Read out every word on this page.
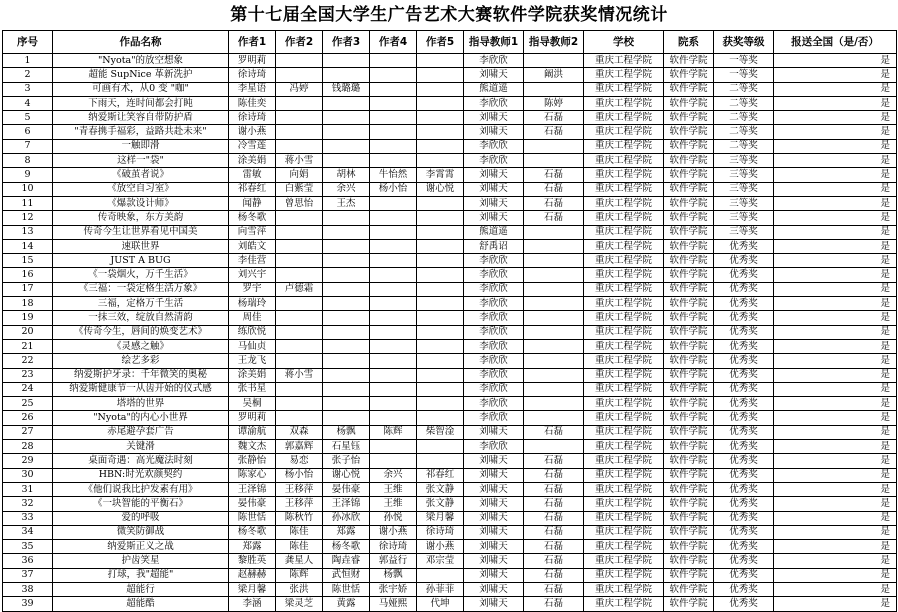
第十七届全国大学生广告艺术大赛软件学院获奖情况统计
序号	作品名称	作者1	作者2	作者3	作者4	作者5	指导教师1	指导教师2	学校	院系	获奖等级	报送全国（是/否）
1	"Nyota"的放空想象	罗明莉					李欣欣		重庆工程学院	软件学院	一等奖	是
2	超能 SupNice 革新洗护	徐诗琦					刘啸天	阚洪	重庆工程学院	软件学院	一等奖	是
3	可画有术，从0 变 "咖"	李星语	冯婷	钱璐璐			熊道遥		重庆工程学院	软件学院	二等奖	是
4	下雨天，连时间都会打盹	陈佳奕					李欣欣	陈婷	重庆工程学院	软件学院	二等奖	是
5	纳爱斯让笑容自带防护盾	徐诗琦					刘啸天	石磊	重庆工程学院	软件学院	二等奖	是
6	"青春携手福彩，益路共赴未来"	谢小燕					刘啸天	石磊	重庆工程学院	软件学院	二等奖	是
7	一触即滑	冷雪莲					李欣欣		重庆工程学院	软件学院	二等奖	是
8	这样一"袋"	涂美娟	蒋小雪				李欣欣		重庆工程学院	软件学院	三等奖	是
9	《破茧者说》	雷敏	向娟	胡林	牛怡然	李霄霄	刘啸天	石磊	重庆工程学院	软件学院	三等奖	是
10	《放空自习室》	祁春红	白紫莹	余兴	杨小怡	谢心悦	刘啸天	石磊	重庆工程学院	软件学院	三等奖	是
11	《爆款设计师》	闻静	曾思怡	王杰			刘啸天	石磊	重庆工程学院	软件学院	三等奖	是
12	传奇映象，东方美韵	杨冬歌					刘啸天	石磊	重庆工程学院	软件学院	三等奖	是
13	传奇今生让世界看见中国美	向雪萍					熊道遥		重庆工程学院	软件学院	三等奖	是
14	速联世界	刘皓文					舒禹诏		重庆工程学院	软件学院	优秀奖	是
15	JUST A BUG	李佳营					李欣欣		重庆工程学院	软件学院	优秀奖	是
16	《一袋烟火，万千生活》	刘兴宇					李欣欣		重庆工程学院	软件学院	优秀奖	是
17	《三福：一袋定格生活万象》	罗宇	卢德霜				李欣欣		重庆工程学院	软件学院	优秀奖	是
18	三福，定格万千生活	杨瑞玲					李欣欣		重庆工程学院	软件学院	优秀奖	是
19	一抹三效，绽放自然清韵	周佳					李欣欣		重庆工程学院	软件学院	优秀奖	是
20	《传奇今生，唇间的焕变艺术》	练欣悦					李欣欣		重庆工程学院	软件学院	优秀奖	是
21	《灵感之触》	马仙贞					李欣欣		重庆工程学院	软件学院	优秀奖	是
22	绘艺多彩	王龙飞					李欣欣		重庆工程学院	软件学院	优秀奖	是
23	纳爱斯护牙录：千年微笑的奥秘	涂美娟	蒋小雪				李欣欣		重庆工程学院	软件学院	优秀奖	是
24	纳爱斯健康节一从齿开始的仪式感	张书星					李欣欣		重庆工程学院	软件学院	优秀奖	是
25	塔塔的世界	吴桐					李欣欣		重庆工程学院	软件学院	优秀奖	是
26	"Nyota"的内心小世界	罗明莉					李欣欣		重庆工程学院	软件学院	优秀奖	是
27	赤尾避孕套广告	谭渝航	双森	杨飘	陈辉	柴智淦	刘啸天	石磊	重庆工程学院	软件学院	优秀奖	是
28	关键滑	魏文杰	郭嘉辉	石星钰			李欣欣		重庆工程学院	软件学院	优秀奖	是
29	桌面奇遇：高光魔法时刻	张静怡	易恋	张子怡			刘啸天	石磊	重庆工程学院	软件学院	优秀奖	是
30	HBN:时光欢颜契约	陈家心	杨小怡	谢心悦	余兴	祁春红	刘啸天	石磊	重庆工程学院	软件学院	优秀奖	是
31	《他们说我比护发素有用》	王泽锦	王移萍	晏伟豪	王维	张文静	刘啸天	石磊	重庆工程学院	软件学院	优秀奖	是
32	《一块智能的平衡石》	晏伟豪	王移萍	王泽锦	王维	张文静	刘啸天	石磊	重庆工程学院	软件学院	优秀奖	是
33	爱的呼吸	陈世恬	陈秋竹	孙冰欣	孙悦	梁月馨	刘啸天	石磊	重庆工程学院	软件学院	优秀奖	是
34	微笑防御战	杨冬歌	陈佳	郑露	谢小燕	徐诗琦	刘啸天	石磊	重庆工程学院	软件学院	优秀奖	是
35	纳爱斯正义之战	郑露	陈佳	杨冬歌	徐诗琦	谢小燕	刘啸天	石磊	重庆工程学院	软件学院	优秀奖	是
36	护齿笑星	黎胜英	龚星人	陶垚睿	郭益行	邓宗莹	刘啸天	石磊	重庆工程学院	软件学院	优秀奖	是
37	打球，我"超能"	赵赫赫	陈辉	武恒财	杨飘		刘啸天	石磊	重庆工程学院	软件学院	优秀奖	是
38	超能行	梁月馨	张洪	陈世恬	张宇娇	孙菲菲	刘啸天	石磊	重庆工程学院	软件学院	优秀奖	是
39	超能酷	李涵	梁灵芝	黄露	马娅熙	代坤	刘啸天	石磊	重庆工程学院	软件学院	优秀奖	是
